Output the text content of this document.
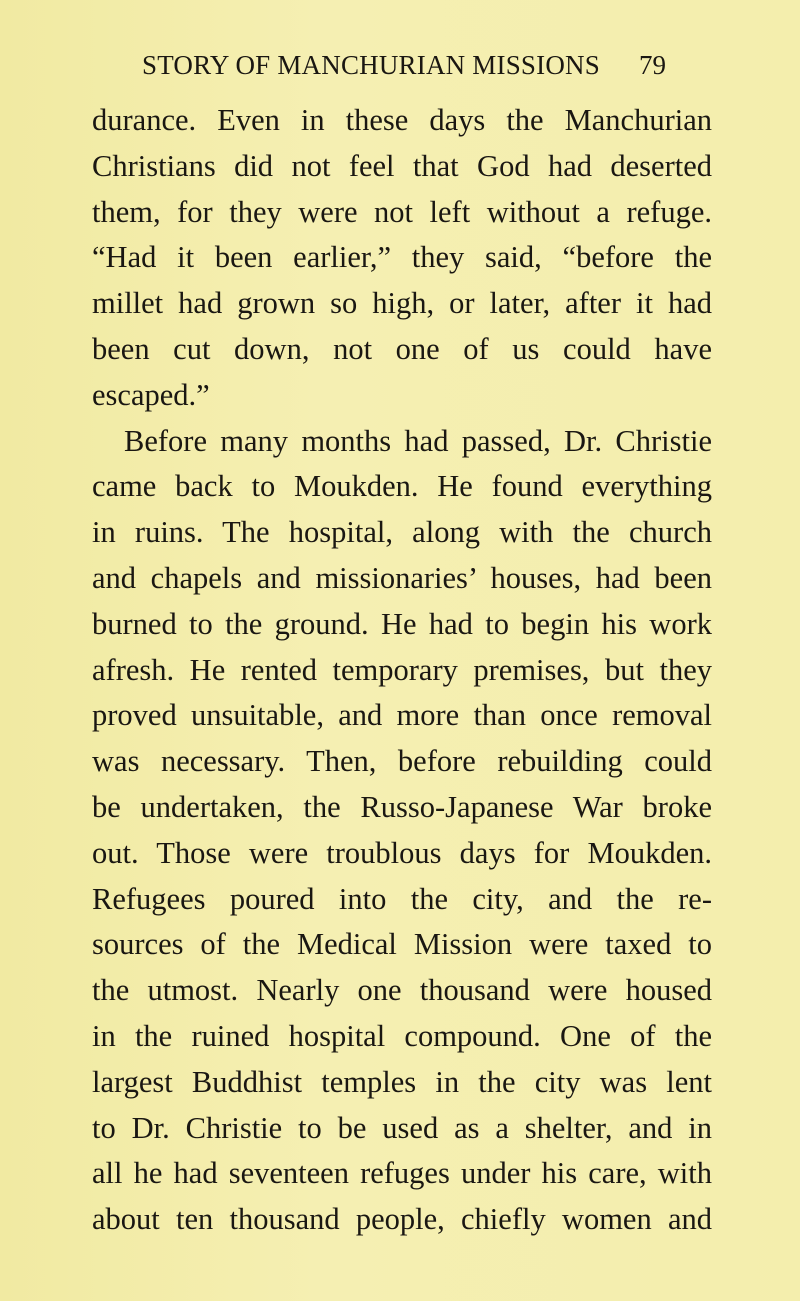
STORY OF MANCHURIAN MISSIONS 79
durance. Even in these days the Manchurian
Christians did not feel that God had deserted
them, for they were not left without a refuge.
“Had it been earlier,” they said, “before the
millet had grown so high, or later, after it had
been cut down, not one of us could have
escaped.”
Before many months had passed, Dr. Christie
came back to Moukden. He found everything
in ruins. The hospital, along with the church
and chapels and missionaries’ houses, had been
burned to the ground. He had to begin his work
afresh. He rented temporary premises, but they
proved unsuitable, and more than once removal
was necessary. Then, before rebuilding could
be undertaken, the Russo-Japanese War broke
out. Those were troublous days for Moukden.
Refugees poured into the city, and the re-
sources of the Medical Mission were taxed to
the utmost. Nearly one thousand were housed
in the ruined hospital compound. One of the
largest Buddhist temples in the city was lent
to Dr. Christie to be used as a shelter, and in
all he had seventeen refuges under his care, with
about ten thousand people, chiefly women and
